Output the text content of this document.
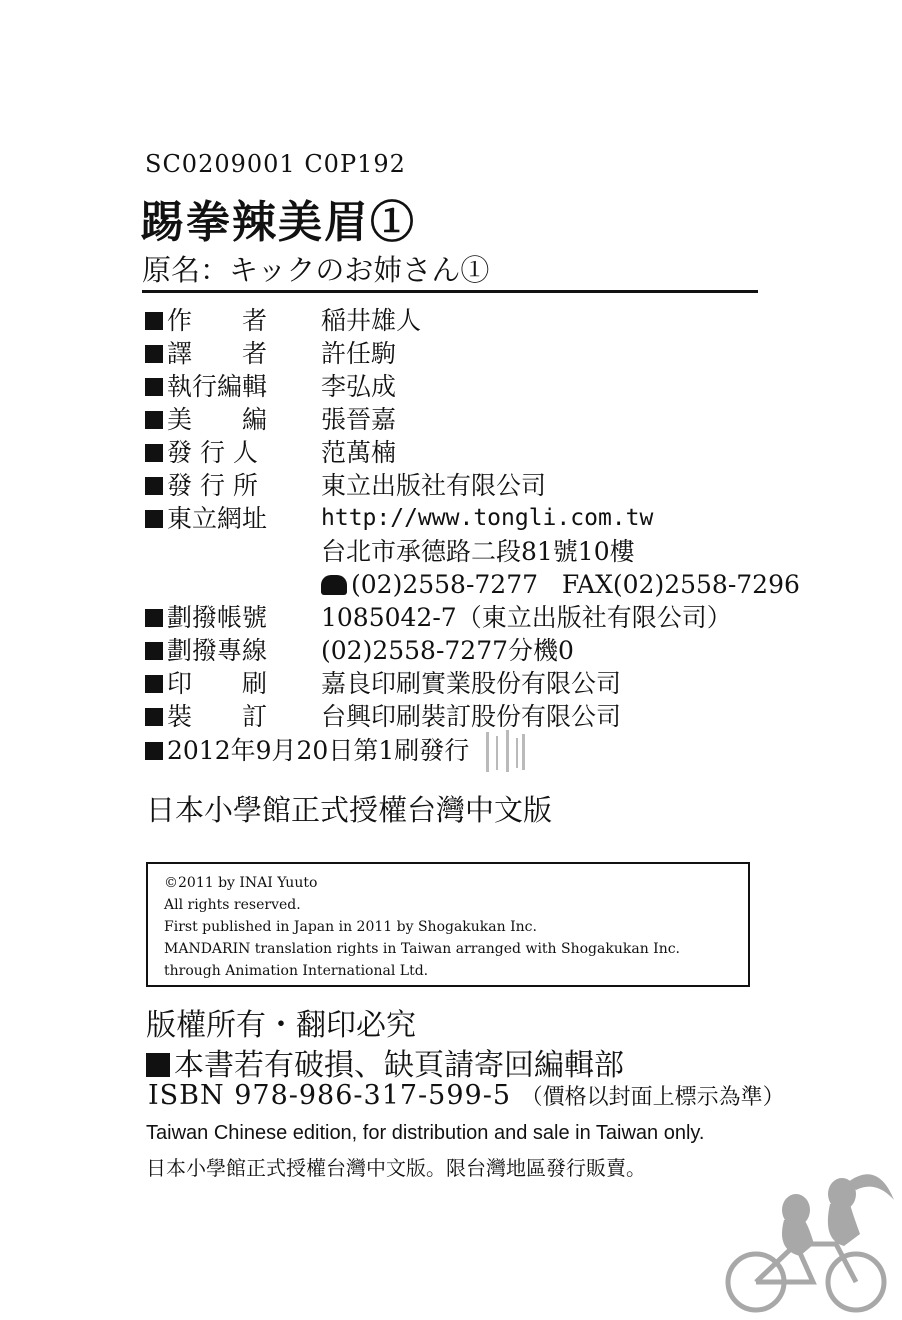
SC0209001 C0P192
踢拳辣美眉①
原名：キックのお姉さん①
作　　者 稲井雄人
譯　　者 許任駒
執行編輯 李弘成
美　　編 張晉嘉
發 行 人	范萬楠
發 行 所	東立出版社有限公司
東立網址 http://www.tongli.com.tw
台北市承德路二段81號10樓
(02)2558-7277 FAX(02)2558-7296
劃撥帳號 1085042-7（東立出版社有限公司）
劃撥專線 (02)2558-7277分機0
印　　刷 嘉良印刷實業股份有限公司
裝　　訂 台興印刷裝訂股份有限公司
2012年9月20日第1刷發行
日本小學館正式授權台灣中文版
©2011 by INAI Yuuto
All rights reserved.
First published in Japan in 2011 by Shogakukan Inc.
MANDARIN translation rights in Taiwan arranged with Shogakukan Inc.
through Animation International Ltd.
版權所有・翻印必究
本書若有破損、缺頁請寄回編輯部
ISBN 978-986-317-599-5 （價格以封面上標示為準）
Taiwan Chinese edition, for distribution and sale in Taiwan only.
日本小學館正式授權台灣中文版。限台灣地區發行販賣。
